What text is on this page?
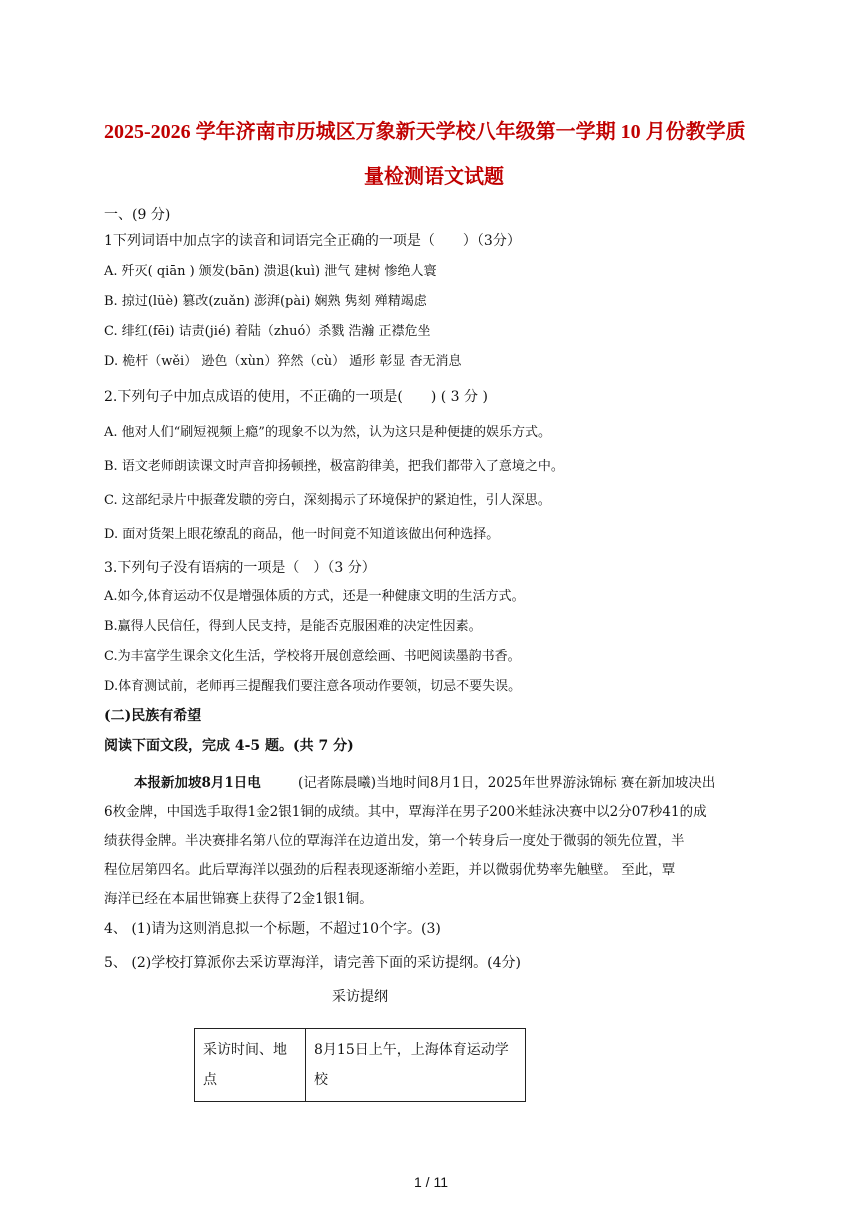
2025-2026 学年济南市历城区万象新天学校八年级第一学期 10 月份教学质
量检测语文试题
一、(9 分)
1下列词语中加点字的读音和词语完全正确的一项是（　　）（3分）
A. 歼灭( qiān ) 颁发(bān) 溃退(kuì) 泄气 建树 惨绝人寰
B. 掠过(lüè) 篡改(zuǎn) 澎湃(pài) 娴熟 隽刻 殚精竭虑
C. 绯红(fēi) 诘责(jié) 着陆（zhuó）杀戮 浩瀚 正襟危坐
D. 桅杆（wěi） 逊色（xùn）猝然（cù） 遁形 彰显 杳无消息
2.下列句子中加点成语的使用，不正确的一项是(　　) ( 3 分 )
A. 他对人们“刷短视频上瘾”的现象不以为然，认为这只是种便捷的娱乐方式。
B. 语文老师朗读课文时声音抑扬顿挫，极富韵律美，把我们都带入了意境之中。
C. 这部纪录片中振聋发聩的旁白，深刻揭示了环境保护的紧迫性，引人深思。
D. 面对货架上眼花缭乱的商品，他一时间竟不知道该做出何种选择。
3.下列句子没有语病的一项是（　）（3 分）
A.如今,体育运动不仅是增强体质的方式，还是一种健康文明的生活方式。
B.赢得人民信任，得到人民支持，是能否克服困难的决定性因素。
C.为丰富学生课余文化生活，学校将开展创意绘画、书吧阅读墨韵书香。
D.体育测试前，老师再三提醒我们要注意各项动作要领，切忌不要失误。
(二)民族有希望
阅读下面文段，完成 4-5 题。(共 7 分)
本报新加坡8月1日电	(记者陈晨曦)当地时间8月1日，2025年世界游泳锦标 赛在新加坡决出
6枚金牌，中国选手取得1金2银1铜的成绩。其中，覃海洋在男子200米蛙泳决赛中以2分07秒41的成
绩获得金牌。半决赛排名第八位的覃海洋在边道出发，第一个转身后一度处于微弱的领先位置，半
程位居第四名。此后覃海洋以强劲的后程表现逐渐缩小差距，并以微弱优势率先触壁。 至此，覃
海洋已经在本届世锦赛上获得了2金1银1铜。
4、 (1)请为这则消息拟一个标题，不超过10个字。(3)
5、 (2)学校打算派你去采访覃海洋，请完善下面的采访提纲。(4分)
采访提纲
采访时间、地点	8月15日上午，上海体育运动学校
1 / 11
